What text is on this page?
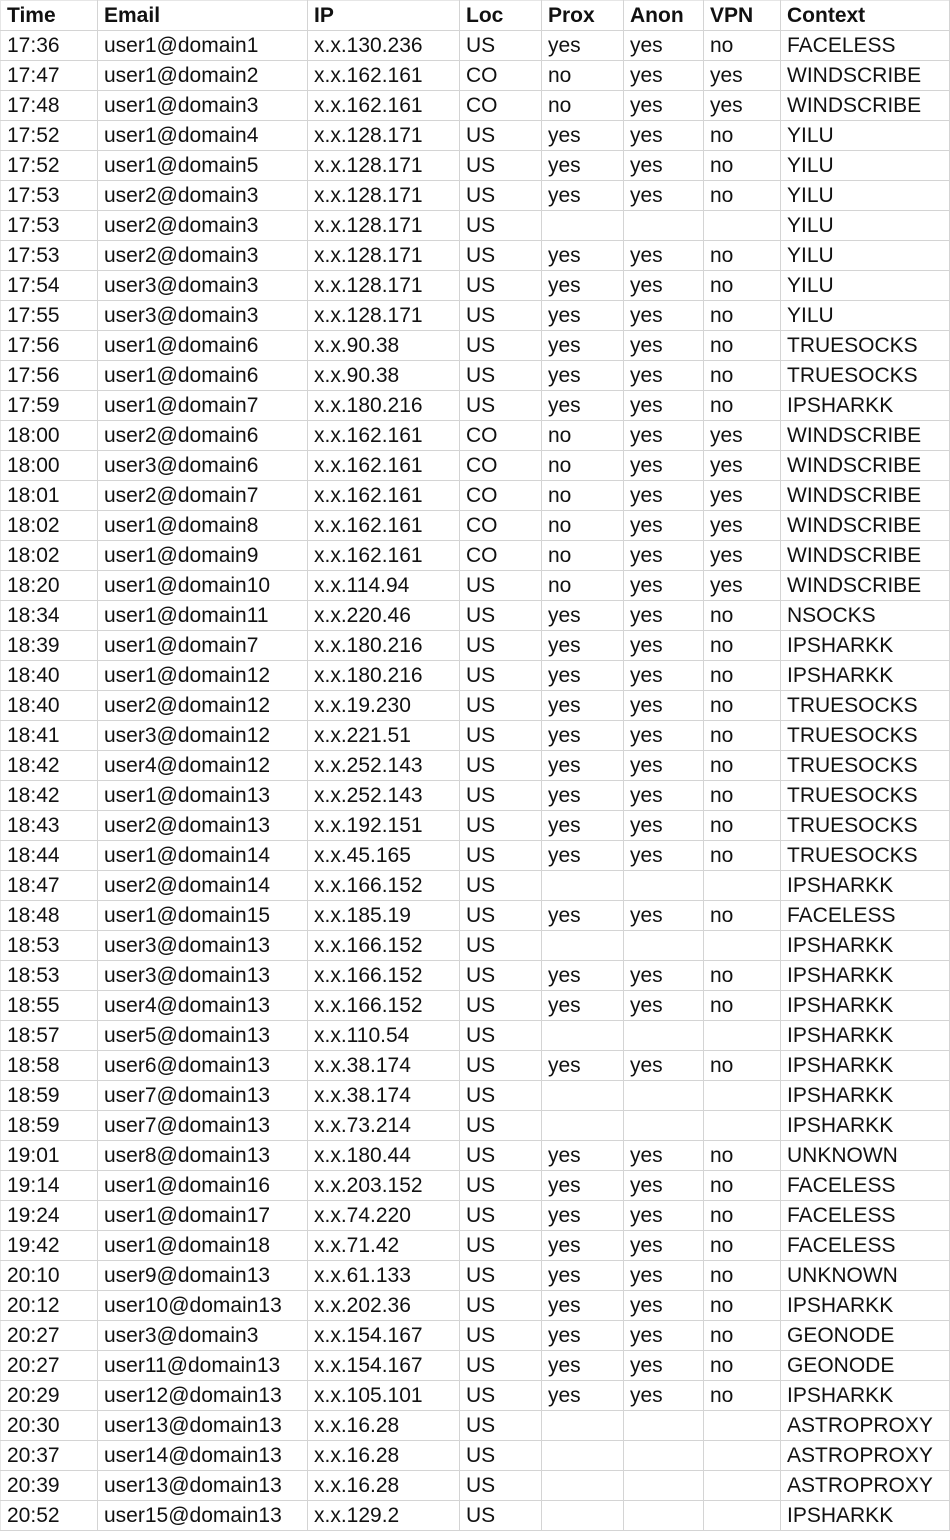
Time	Email	IP	Loc	Prox	Anon	VPN	Context
17:36	user1@domain1	x.x.130.236	US	yes	yes	no	FACELESS
17:47	user1@domain2	x.x.162.161	CO	no	yes	yes	WINDSCRIBE
17:48	user1@domain3	x.x.162.161	CO	no	yes	yes	WINDSCRIBE
17:52	user1@domain4	x.x.128.171	US	yes	yes	no	YILU
17:52	user1@domain5	x.x.128.171	US	yes	yes	no	YILU
17:53	user2@domain3	x.x.128.171	US	yes	yes	no	YILU
17:53	user2@domain3	x.x.128.171	US				YILU
17:53	user2@domain3	x.x.128.171	US	yes	yes	no	YILU
17:54	user3@domain3	x.x.128.171	US	yes	yes	no	YILU
17:55	user3@domain3	x.x.128.171	US	yes	yes	no	YILU
17:56	user1@domain6	x.x.90.38	US	yes	yes	no	TRUESOCKS
17:56	user1@domain6	x.x.90.38	US	yes	yes	no	TRUESOCKS
17:59	user1@domain7	x.x.180.216	US	yes	yes	no	IPSHARKK
18:00	user2@domain6	x.x.162.161	CO	no	yes	yes	WINDSCRIBE
18:00	user3@domain6	x.x.162.161	CO	no	yes	yes	WINDSCRIBE
18:01	user2@domain7	x.x.162.161	CO	no	yes	yes	WINDSCRIBE
18:02	user1@domain8	x.x.162.161	CO	no	yes	yes	WINDSCRIBE
18:02	user1@domain9	x.x.162.161	CO	no	yes	yes	WINDSCRIBE
18:20	user1@domain10	x.x.114.94	US	no	yes	yes	WINDSCRIBE
18:34	user1@domain11	x.x.220.46	US	yes	yes	no	NSOCKS
18:39	user1@domain7	x.x.180.216	US	yes	yes	no	IPSHARKK
18:40	user1@domain12	x.x.180.216	US	yes	yes	no	IPSHARKK
18:40	user2@domain12	x.x.19.230	US	yes	yes	no	TRUESOCKS
18:41	user3@domain12	x.x.221.51	US	yes	yes	no	TRUESOCKS
18:42	user4@domain12	x.x.252.143	US	yes	yes	no	TRUESOCKS
18:42	user1@domain13	x.x.252.143	US	yes	yes	no	TRUESOCKS
18:43	user2@domain13	x.x.192.151	US	yes	yes	no	TRUESOCKS
18:44	user1@domain14	x.x.45.165	US	yes	yes	no	TRUESOCKS
18:47	user2@domain14	x.x.166.152	US				IPSHARKK
18:48	user1@domain15	x.x.185.19	US	yes	yes	no	FACELESS
18:53	user3@domain13	x.x.166.152	US				IPSHARKK
18:53	user3@domain13	x.x.166.152	US	yes	yes	no	IPSHARKK
18:55	user4@domain13	x.x.166.152	US	yes	yes	no	IPSHARKK
18:57	user5@domain13	x.x.110.54	US				IPSHARKK
18:58	user6@domain13	x.x.38.174	US	yes	yes	no	IPSHARKK
18:59	user7@domain13	x.x.38.174	US				IPSHARKK
18:59	user7@domain13	x.x.73.214	US				IPSHARKK
19:01	user8@domain13	x.x.180.44	US	yes	yes	no	UNKNOWN
19:14	user1@domain16	x.x.203.152	US	yes	yes	no	FACELESS
19:24	user1@domain17	x.x.74.220	US	yes	yes	no	FACELESS
19:42	user1@domain18	x.x.71.42	US	yes	yes	no	FACELESS
20:10	user9@domain13	x.x.61.133	US	yes	yes	no	UNKNOWN
20:12	user10@domain13	x.x.202.36	US	yes	yes	no	IPSHARKK
20:27	user3@domain3	x.x.154.167	US	yes	yes	no	GEONODE
20:27	user11@domain13	x.x.154.167	US	yes	yes	no	GEONODE
20:29	user12@domain13	x.x.105.101	US	yes	yes	no	IPSHARKK
20:30	user13@domain13	x.x.16.28	US				ASTROPROXY
20:37	user14@domain13	x.x.16.28	US				ASTROPROXY
20:39	user13@domain13	x.x.16.28	US				ASTROPROXY
20:52	user15@domain13	x.x.129.2	US				IPSHARKK
